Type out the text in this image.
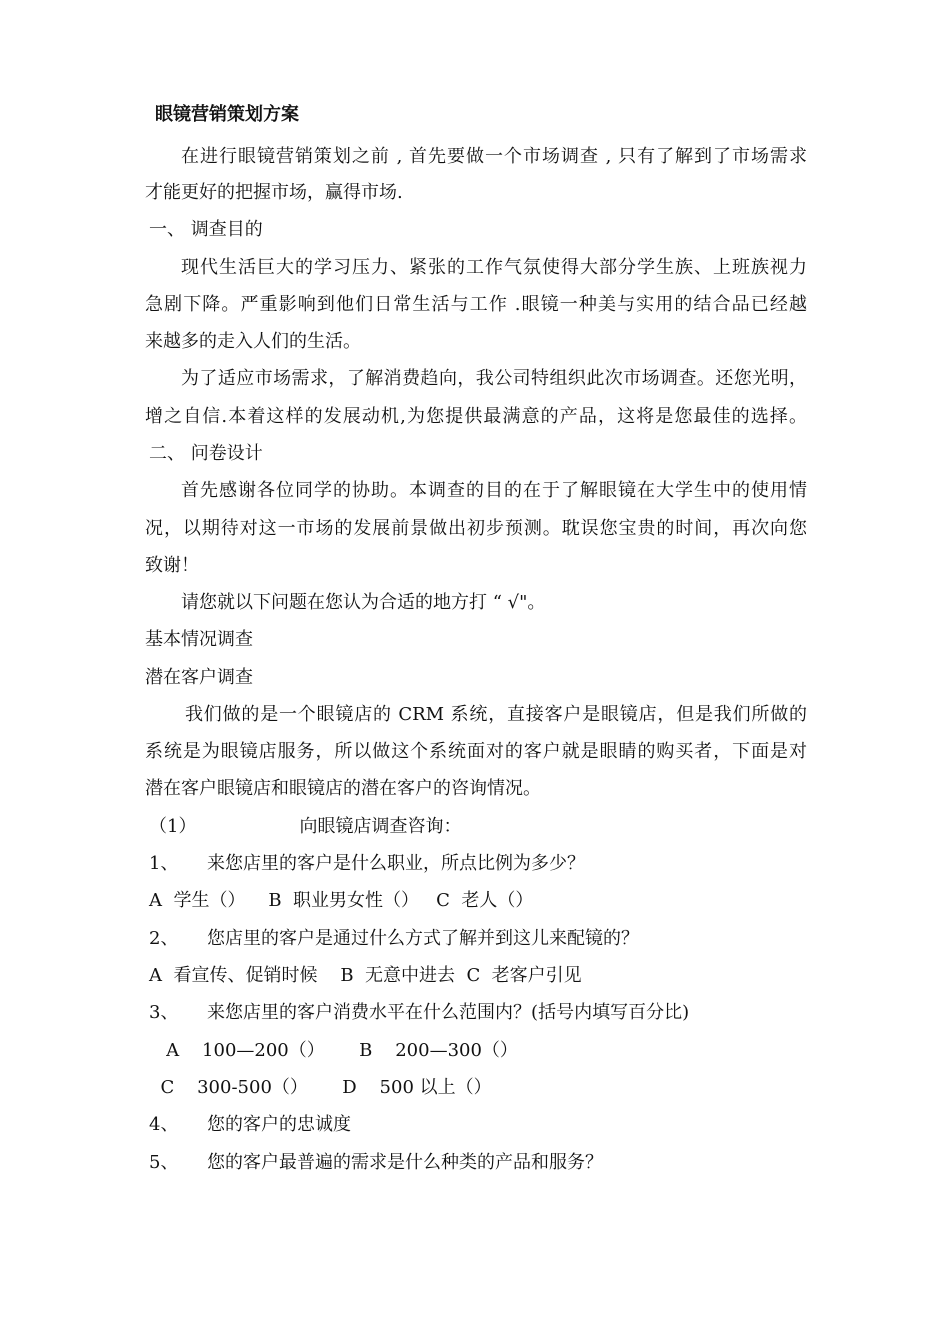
眼镜营销策划方案

在进行眼镜营销策划之前 , 首先要做一个市场调查 , 只有了解到了市场需求

才能更好的把握市场，赢得市场.

一、 调查目的

现代生活巨大的学习压力、紧张的工作气氛使得大部分学生族、上班族视力

急剧下降。严重影响到他们日常生活与工作 .眼镜一种美与实用的结合品已经越

来越多的走入人们的生活。

为了适应市场需求，了解消费趋向，我公司特组织此次市场调查。还您光明，

增之自信.本着这样的发展动机,为您提供最满意的产品，这将是您最佳的选择。

二、 问卷设计

首先感谢各位同学的协助。本调查的目的在于了解眼镜在大学生中的使用情

况，以期待对这一市场的发展前景做出初步预测。耽误您宝贵的时间，再次向您

致谢！

请您就以下问题在您认为合适的地方打 “ √"。

基本情况调查

潜在客户调查

我们做的是一个眼镜店的 CRM 系统，直接客户是眼镜店，但是我们所做的

系统是为眼镜店服务，所以做这个系统面对的客户就是眼睛的购买者，下面是对

潜在客户眼镜店和眼镜店的潜在客户的咨询情况。

（1）                  向眼镜店调查咨询：

1、     来您店里的客户是什么职业，所点比例为多少？

A  学生（）    B  职业男女性（）   C  老人（）

2、     您店里的客户是通过什么方式了解并到这儿来配镜的？

A  看宣传、促销时候    B  无意中进去  C  老客户引见

3、     来您店里的客户消费水平在什么范围内？(括号内填写百分比)

A    100—200（）      B    200—300（）

C    300-500（）      D    500 以上（）

4、     您的客户的忠诚度

5、     您的客户最普遍的需求是什么种类的产品和服务？
